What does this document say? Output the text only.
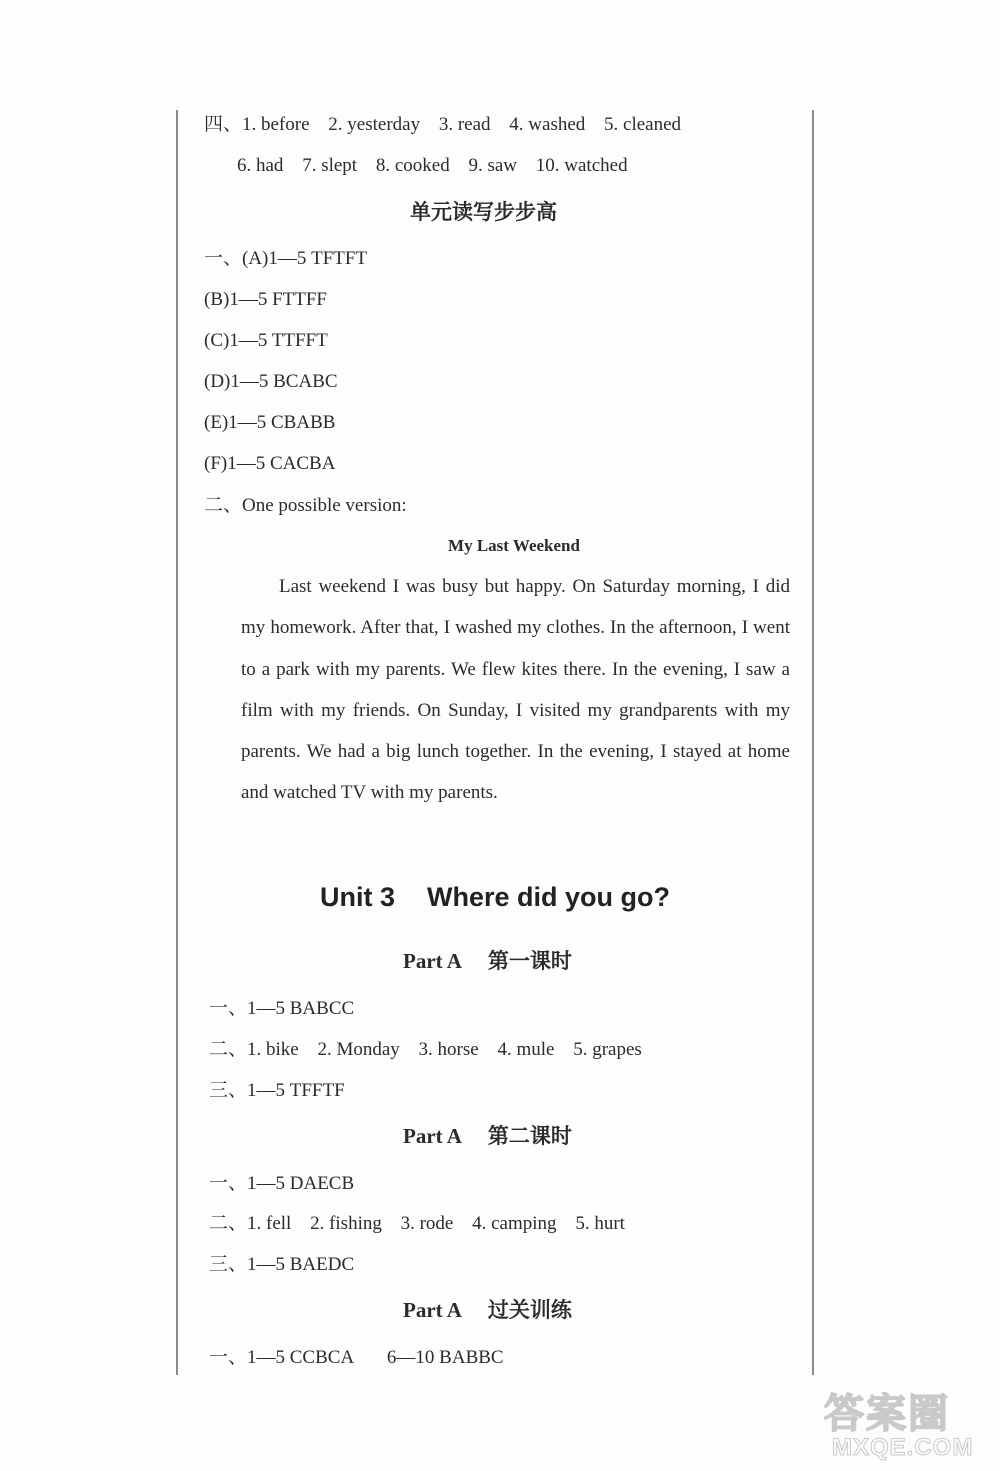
四、1. before 2. yesterday 3. read 4. washed 5. cleaned
6. had 7. slept 8. cooked 9. saw 10. watched
单元读写步步高
一、(A)1—5 TFTFT
(B)1—5 FTTFF
(C)1—5 TTFFT
(D)1—5 BCABC
(E)1—5 CBABB
(F)1—5 CACBA
二、One possible version:
My Last Weekend
Last weekend I was busy but happy. On Saturday morning, I did my homework. After that, I washed my clothes. In the afternoon, I went to a park with my parents. We flew kites there. In the evening, I saw a film with my friends. On Sunday, I visited my grandparents with my parents. We had a big lunch together. In the evening, I stayed at home and watched TV with my parents.
Unit 3 Where did you go?
Part A 第一课时
一、1—5 BABCC
二、1. bike 2. Monday 3. horse 4. mule 5. grapes
三、1—5 TFFTF
Part A 第二课时
一、1—5 DAECB
二、1. fell 2. fishing 3. rode 4. camping 5. hurt
三、1—5 BAEDC
Part A 过关训练
一、1—5 CCBCA 6—10 BABBC
答案圈
MXQE.COM
